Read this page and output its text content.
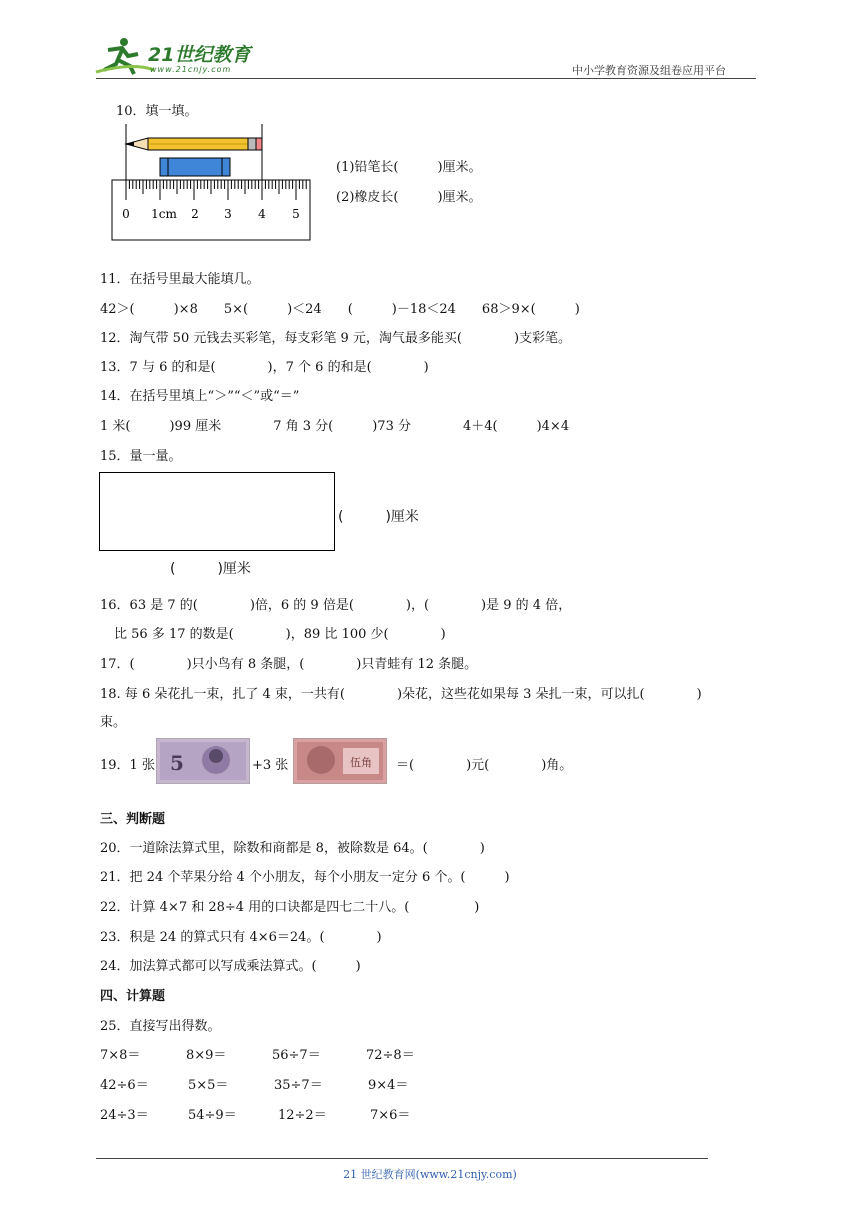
21世纪教育
www.21cnjy.com	中小学教育资源及组卷应用平台
10．填一填。
0 1cm 2 3 4 5
(1)铅笔长(　　　)厘米。
(2)橡皮长(　　　)厘米。
11．在括号里最大能填几。
42＞(　　　)×8　　5×(　　　)＜24　　(　　　)－18＜24　　68＞9×(　　　)
12．淘气带 50 元钱去买彩笔，每支彩笔 9 元，淘气最多能买(　　　　)支彩笔。
13．7 与 6 的和是(　　　　)，7 个 6 的和是(　　　　)
14．在括号里填上“＞”“＜”或“＝”
1 米(　　　)99 厘米　　　　7 角 3 分(　　　)73 分　　　　4＋4(　　　)4×4
15．量一量。
(　　　)厘米
(　　　)厘米
16．63 是 7 的(　　　　)倍，6 的 9 倍是(　　　　)，(　　　　)是 9 的 4 倍，
比 56 多 17 的数是(　　　　)，89 比 100 少(　　　　)
17．(　　　　)只小鸟有 8 条腿，(　　　　)只青蛙有 12 条腿。
18. 每 6 朵花扎一束，扎了 4 束，一共有(　　　　)朵花，这些花如果每 3 朵扎一束，可以扎(　　　　)
束。
19．1 张 5	+3 张	伍角 ＝(　　　　)元(　　　　)角。
三、判断题
20．一道除法算式里，除数和商都是 8，被除数是 64。(　　　　)
21．把 24 个苹果分给 4 个小朋友，每个小朋友一定分 6 个。(　　　)
22．计算 4×7 和 28÷4 用的口诀都是四七二十八。(　　　　　)
23．积是 24 的算式只有 4×6＝24。(　　　　)
24．加法算式都可以写成乘法算式。(　　　)
四、计算题
25．直接写出得数。
7×8＝	8×9＝	56÷7＝	72÷8＝
42÷6＝	5×5＝	35÷7＝	9×4＝
24÷3＝	54÷9＝	12÷2＝	7×6＝
21 世纪教育网(www.21cnjy.com)
